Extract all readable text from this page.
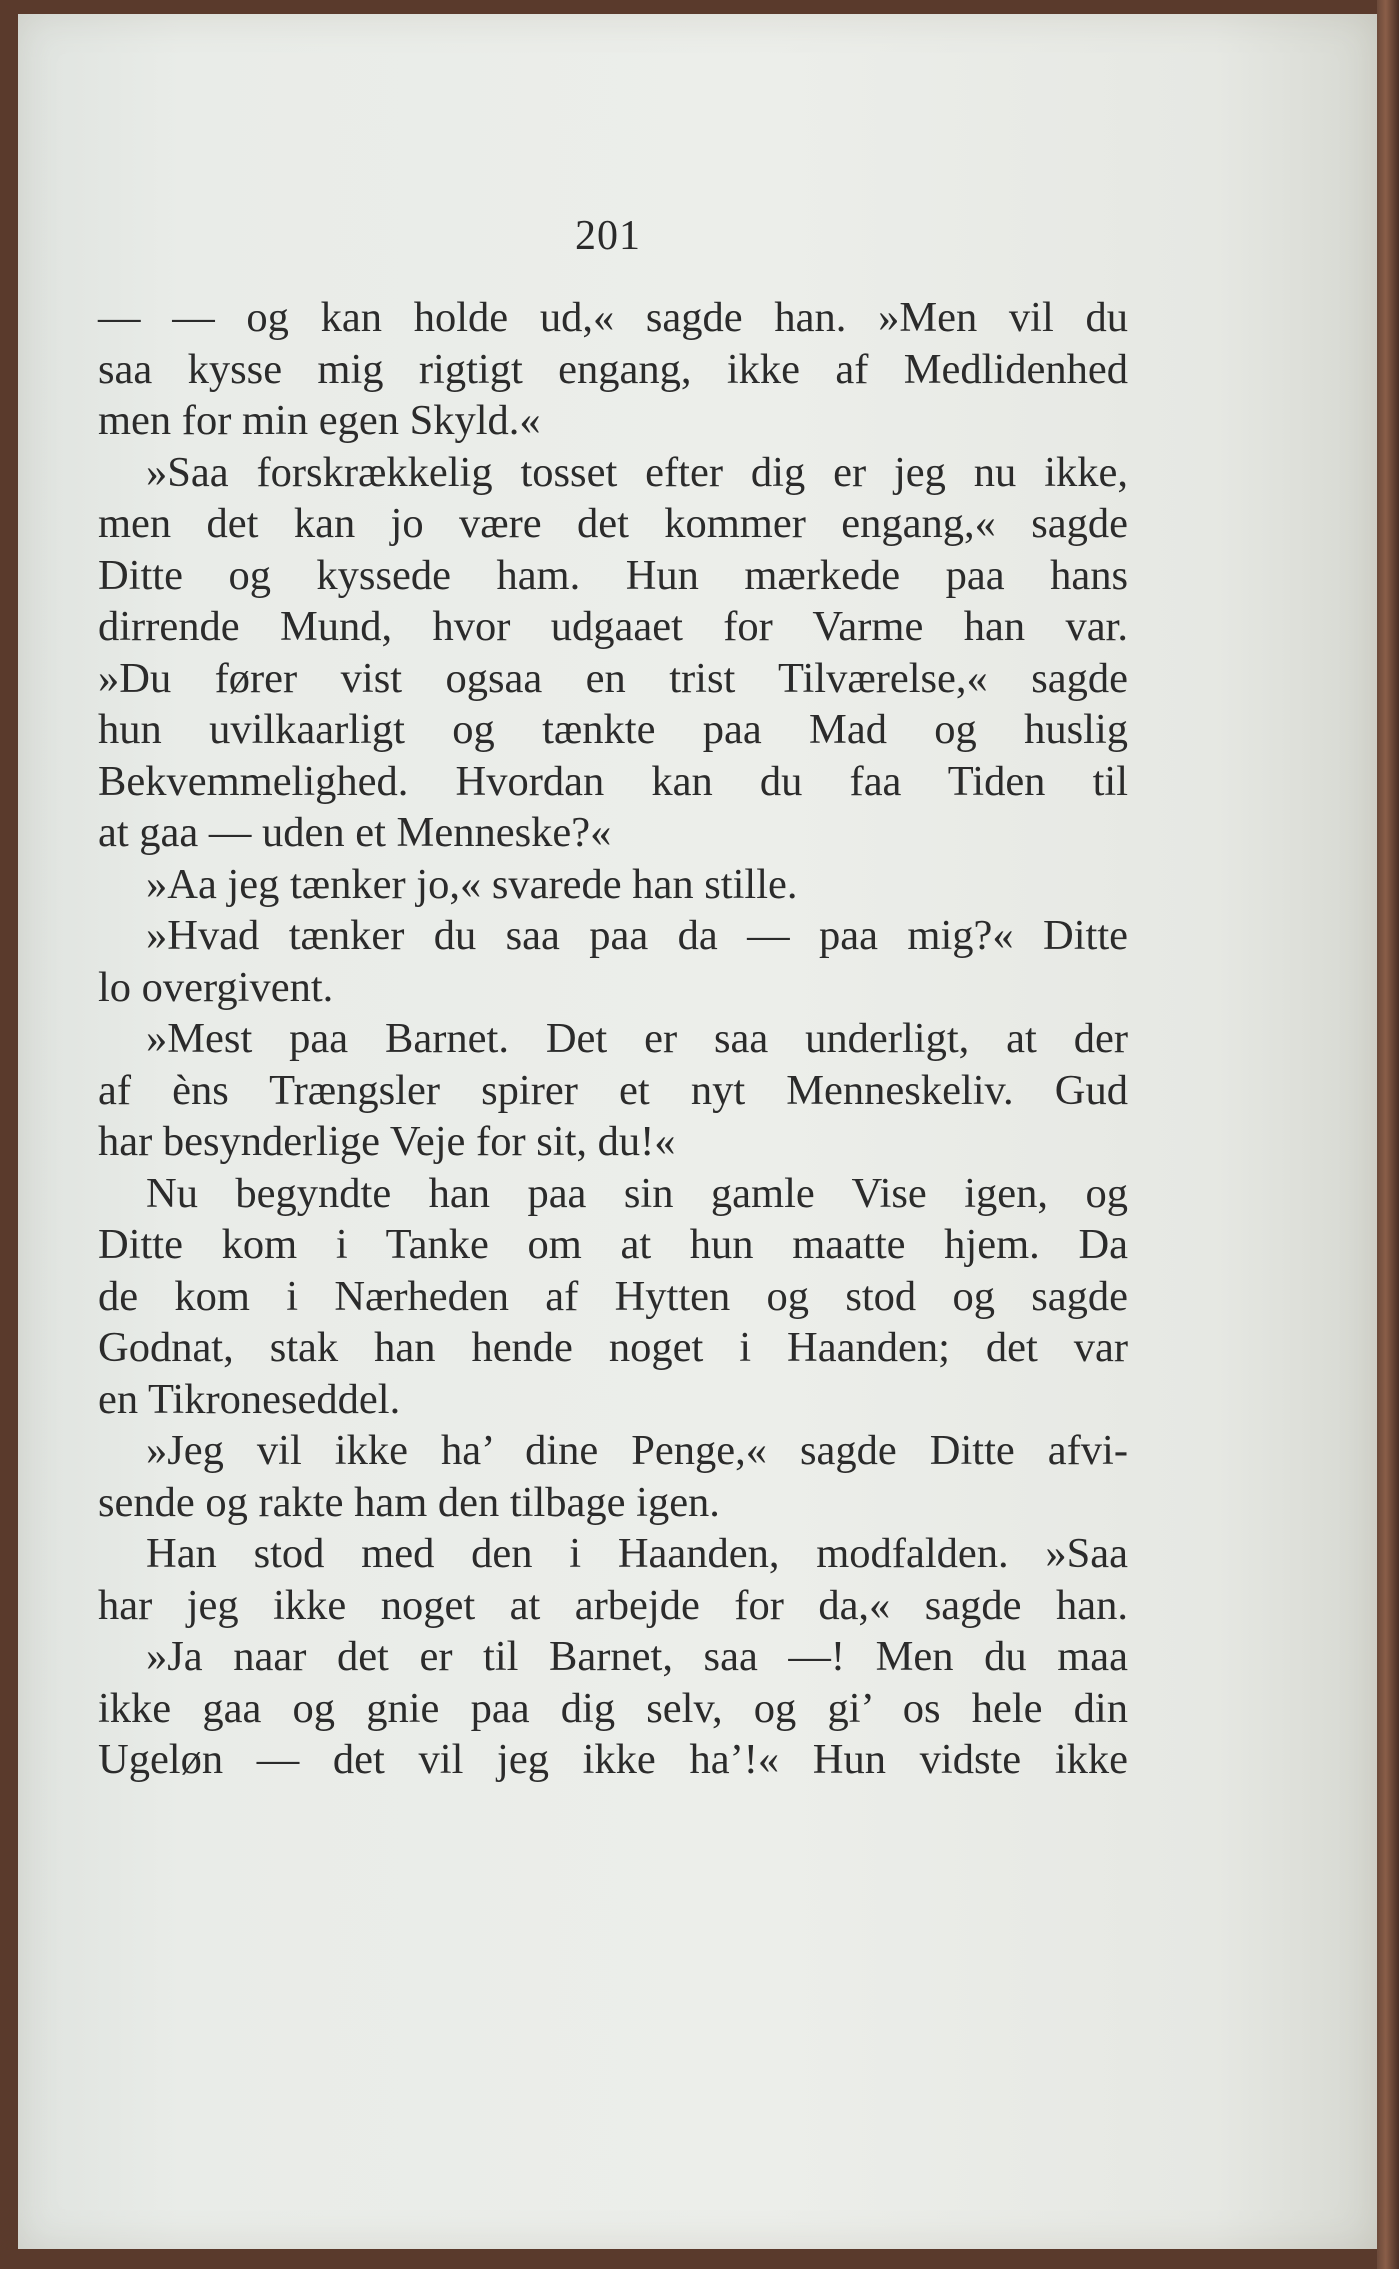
201
— — og kan holde ud,« sagde han. »Men vil du
saa kysse mig rigtigt engang, ikke af Medlidenhed
men for min egen Skyld.«
»Saa forskrækkelig tosset efter dig er jeg nu ikke,
men det kan jo være det kommer engang,« sagde
Ditte og kyssede ham. Hun mærkede paa hans
dirrende Mund, hvor udgaaet for Varme han var.
»Du fører vist ogsaa en trist Tilværelse,« sagde
hun uvilkaarligt og tænkte paa Mad og huslig
Bekvemmelighed. Hvordan kan du faa Tiden til
at gaa — uden et Menneske?«
»Aa jeg tænker jo,« svarede han stille.
»Hvad tænker du saa paa da — paa mig?« Ditte
lo overgivent.
»Mest paa Barnet. Det er saa underligt, at der
af èns Trængsler spirer et nyt Menneskeliv. Gud
har besynderlige Veje for sit, du!«
Nu begyndte han paa sin gamle Vise igen, og
Ditte kom i Tanke om at hun maatte hjem. Da
de kom i Nærheden af Hytten og stod og sagde
Godnat, stak han hende noget i Haanden; det var
en Tikroneseddel.
»Jeg vil ikke ha’ dine Penge,« sagde Ditte afvi-
sende og rakte ham den tilbage igen.
Han stod med den i Haanden, modfalden. »Saa
har jeg ikke noget at arbejde for da,« sagde han.
»Ja naar det er til Barnet, saa —! Men du maa
ikke gaa og gnie paa dig selv, og gi’ os hele din
Ugeløn — det vil jeg ikke ha’!« Hun vidste ikke
